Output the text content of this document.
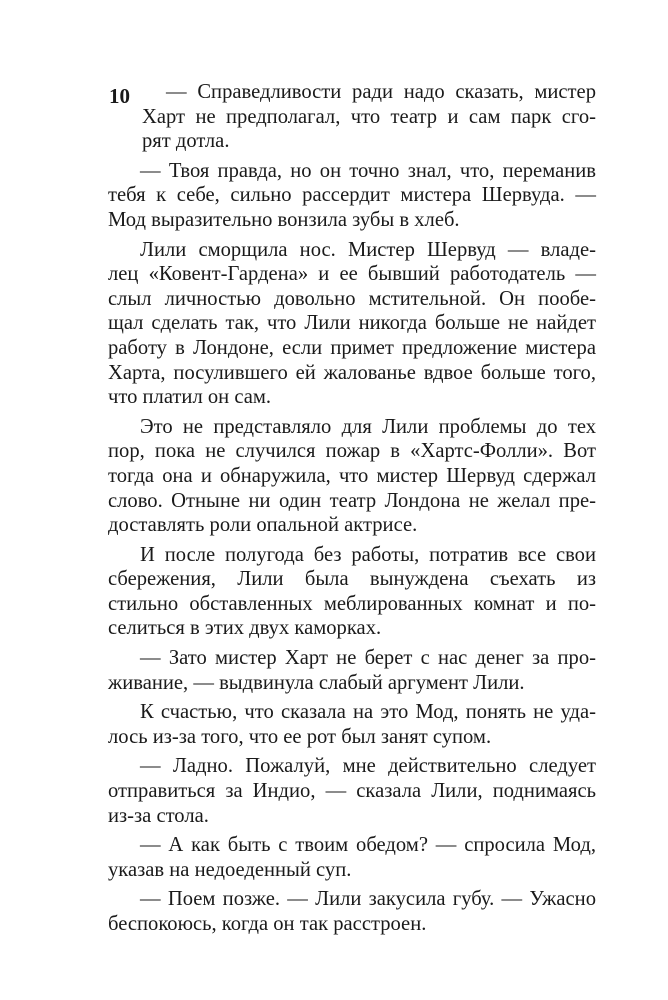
10	— Справедливости ради надо сказать, мистер
Харт не предполагал, что театр и сам парк сго-
рят дотла.
— Твоя правда, но он точно знал, что, переманив
тебя к себе, сильно рассердит мистера Шервуда. —
Мод выразительно вонзила зубы в хлеб.
Лили сморщила нос. Мистер Шервуд — владе-
лец «Ковент-Гардена» и ее бывший работодатель —
слыл личностью довольно мстительной. Он пообе-
щал сделать так, что Лили никогда больше не найдет
работу в Лондоне, если примет предложение мистера
Харта, посулившего ей жалованье вдвое больше того,
что платил он сам.
Это не представляло для Лили проблемы до тех
пор, пока не случился пожар в «Хартс-Фолли». Вот
тогда она и обнаружила, что мистер Шервуд сдержал
слово. Отныне ни один театр Лондона не желал пре-
доставлять роли опальной актрисе.
И после полугода без работы, потратив все свои
сбережения, Лили была вынуждена съехать из
стильно обставленных меблированных комнат и по-
селиться в этих двух каморках.
— Зато мистер Харт не берет с нас денег за про-
живание, — выдвинула слабый аргумент Лили.
К счастью, что сказала на это Мод, понять не уда-
лось из-за того, что ее рот был занят супом.
— Ладно. Пожалуй, мне действительно следует
отправиться за Индио, — сказала Лили, поднимаясь
из-за стола.
— А как быть с твоим обедом? — спросила Мод,
указав на недоеденный суп.
— Поем позже. — Лили закусила губу. — Ужасно
беспокоюсь, когда он так расстроен.
